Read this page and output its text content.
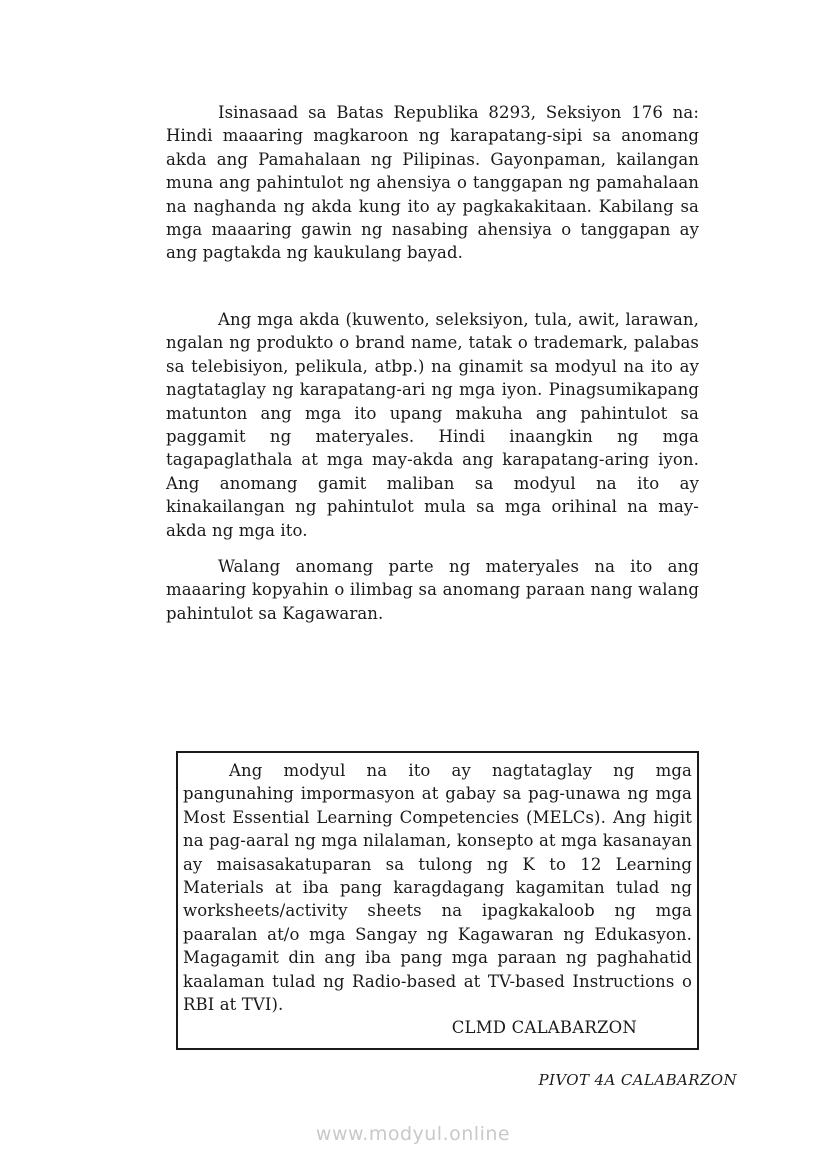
Isinasaad sa Batas Republika 8293, Seksiyon 176 na: Hindi maaaring magkaroon ng karapatang-sipi sa anomang akda ang Pamahalaan ng Pilipinas. Gayonpaman, kailangan muna ang pahintulot ng ahensiya o tanggapan ng pamahalaan na naghanda ng akda kung ito ay pagkakakitaan. Kabilang sa mga maaaring gawin ng nasabing ahensiya o tanggapan ay ang pagtakda ng kaukulang bayad.

Ang mga akda (kuwento, seleksiyon, tula, awit, larawan, ngalan ng produkto o brand name, tatak o trademark, palabas sa telebisiyon, pelikula, atbp.) na ginamit sa modyul na ito ay nagtataglay ng karapatang-ari ng mga iyon. Pinagsumikapang matunton ang mga ito upang makuha ang pahintulot sa paggamit ng materyales. Hindi inaangkin ng mga tagapaglathala at mga may-akda ang karapatang-aring iyon. Ang anomang gamit maliban sa modyul na ito ay kinakailangan ng pahintulot mula sa mga orihinal na may-akda ng mga ito.

Walang anomang parte ng materyales na ito ang maaaring kopyahin o ilimbag sa anomang paraan nang walang pahintulot sa Kagawaran.

Ang modyul na ito ay nagtataglay ng mga pangunahing impormasyon at gabay sa pag-unawa ng mga Most Essential Learning Competencies (MELCs). Ang higit na pag-aaral ng mga nilalaman, konsepto at mga kasanayan ay maisasakatuparan sa tulong ng K to 12 Learning Materials at iba pang karagdagang kagamitan tulad ng worksheets/activity sheets na ipagkakaloob ng mga paaralan at/o mga Sangay ng Kagawaran ng Edukasyon. Magagamit din ang iba pang mga paraan ng paghahatid kaalaman tulad ng Radio-based at TV-based Instructions o RBI at TVI).

CLMD CALABARZON
PIVOT 4A CALABARZON
www.modyul.online
